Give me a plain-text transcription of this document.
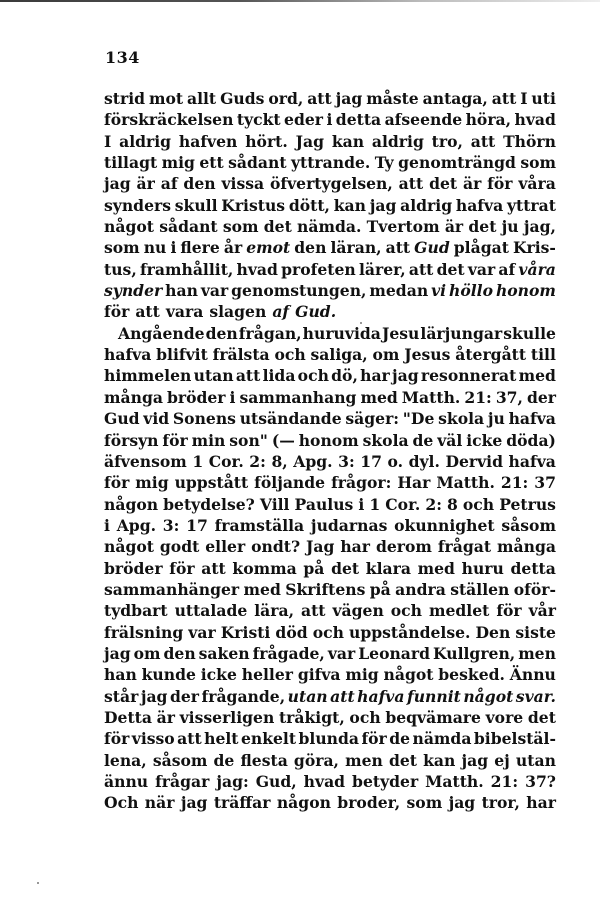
134
strid mot allt Guds ord, att jag måste antaga, att I uti
förskräckelsen tyckt eder i detta afseende höra, hvad
I aldrig hafven hört. Jag kan aldrig tro, att Thörn
tillagt mig ett sådant yttrande. Ty genomträngd som
jag är af den vissa öfvertygelsen, att det är för våra
synders skull Kristus dött, kan jag aldrig hafva yttrat
något sådant som det nämda. Tvertom är det ju jag,
som nu i flere år emot den läran, att Gud plågat Kris-
tus, framhållit, hvad profeten lärer, att det var af våra
synder han var genomstungen, medan vi höllo honom
för att vara slagen af Gud.
Angående den frågan, huruvida Jesu lärjungar skulle
hafva blifvit frälsta och saliga, om Jesus återgått till
himmelen utan att lida och dö, har jag resonnerat med
många bröder i sammanhang med Matth. 21: 37, der
Gud vid Sonens utsändande säger: "De skola ju hafva
försyn för min son" (— honom skola de väl icke döda)
äfvensom 1 Cor. 2: 8, Apg. 3: 17 o. dyl. Dervid hafva
för mig uppstått följande frågor: Har Matth. 21: 37
någon betydelse? Vill Paulus i 1 Cor. 2: 8 och Petrus
i Apg. 3: 17 framställa judarnas okunnighet såsom
något godt eller ondt? Jag har derom frågat många
bröder för att komma på det klara med huru detta
sammanhänger med Skriftens på andra ställen oför-
tydbart uttalade lära, att vägen och medlet för vår
frälsning var Kristi död och uppståndelse. Den siste
jag om den saken frågade, var Leonard Kullgren, men
han kunde icke heller gifva mig något besked. Ännu
står jag der frågande, utan att hafva funnit något svar.
Detta är visserligen tråkigt, och beqvämare vore det
för visso att helt enkelt blunda för de nämda bibelstäl-
lena, såsom de flesta göra, men det kan jag ej utan
ännu frågar jag: Gud, hvad betyder Matth. 21: 37?
Och när jag träffar någon broder, som jag tror, har
